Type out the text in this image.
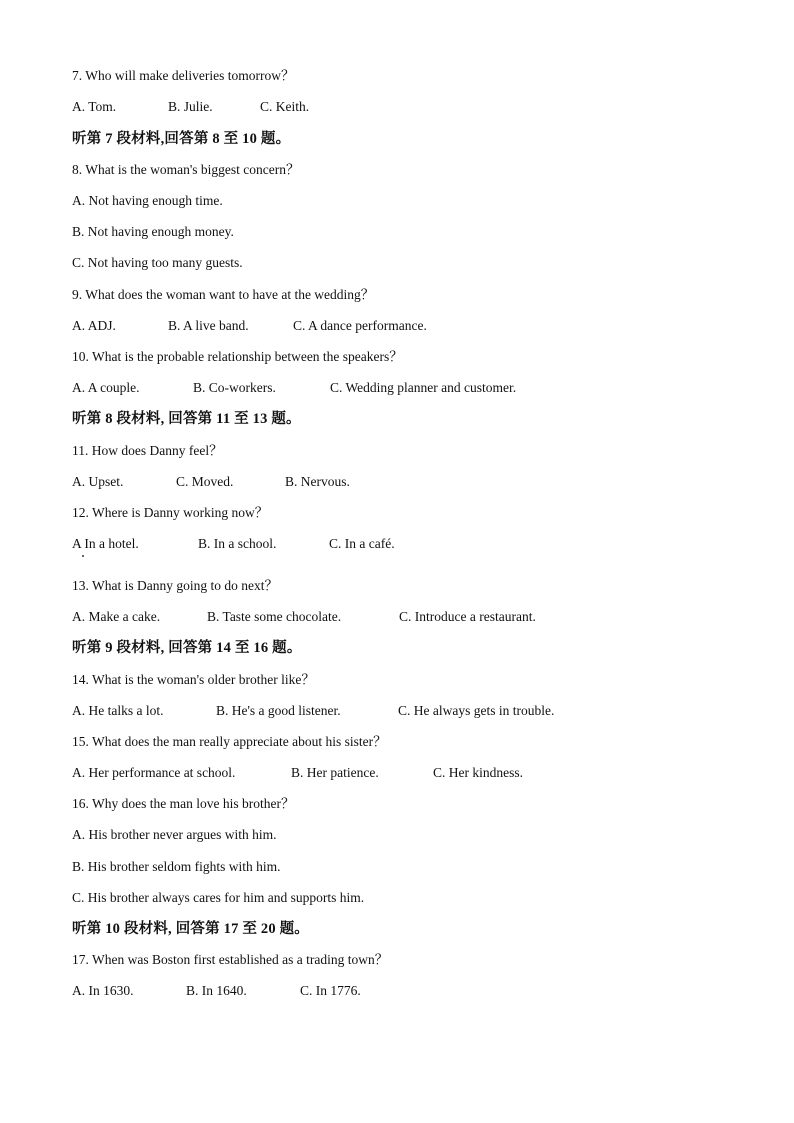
7. Who will make deliveries tomorrow？
A. Tom.	B. Julie.	C. Keith.
听第 7 段材料,回答第 8 至 10 题。
8. What is the woman's biggest concern？
A. Not having enough time.
B. Not having enough money.
C. Not having too many guests.
9. What does the woman want to have at the wedding？
A. ADJ.	B. A live band.	C. A dance performance.
10. What is the probable relationship between the speakers？
A. A couple.	B. Co-workers.	C. Wedding planner and customer.
听第 8 段材料, 回答第 11 至 13 题。
11. How does Danny feel？
A. Upset.	C. Moved.	B. Nervous.
12. Where is Danny working now？
A In a hotel.	B. In a school.	C. In a café.
13. What is Danny going to do next？
A. Make a cake.	B. Taste some chocolate.	C. Introduce a restaurant.
听第 9 段材料, 回答第 14 至 16 题。
14. What is the woman's older brother like？
A. He talks a lot.	B. He's a good listener.	C. He always gets in trouble.
15. What does the man really appreciate about his sister？
A. Her performance at school.	B. Her patience.	C. Her kindness.
16. Why does the man love his brother？
A. His brother never argues with him.
B. His brother seldom fights with him.
C. His brother always cares for him and supports him.
听第 10 段材料, 回答第 17 至 20 题。
17. When was Boston first established as a trading town？
A. In 1630.	B. In 1640.	C. In 1776.
